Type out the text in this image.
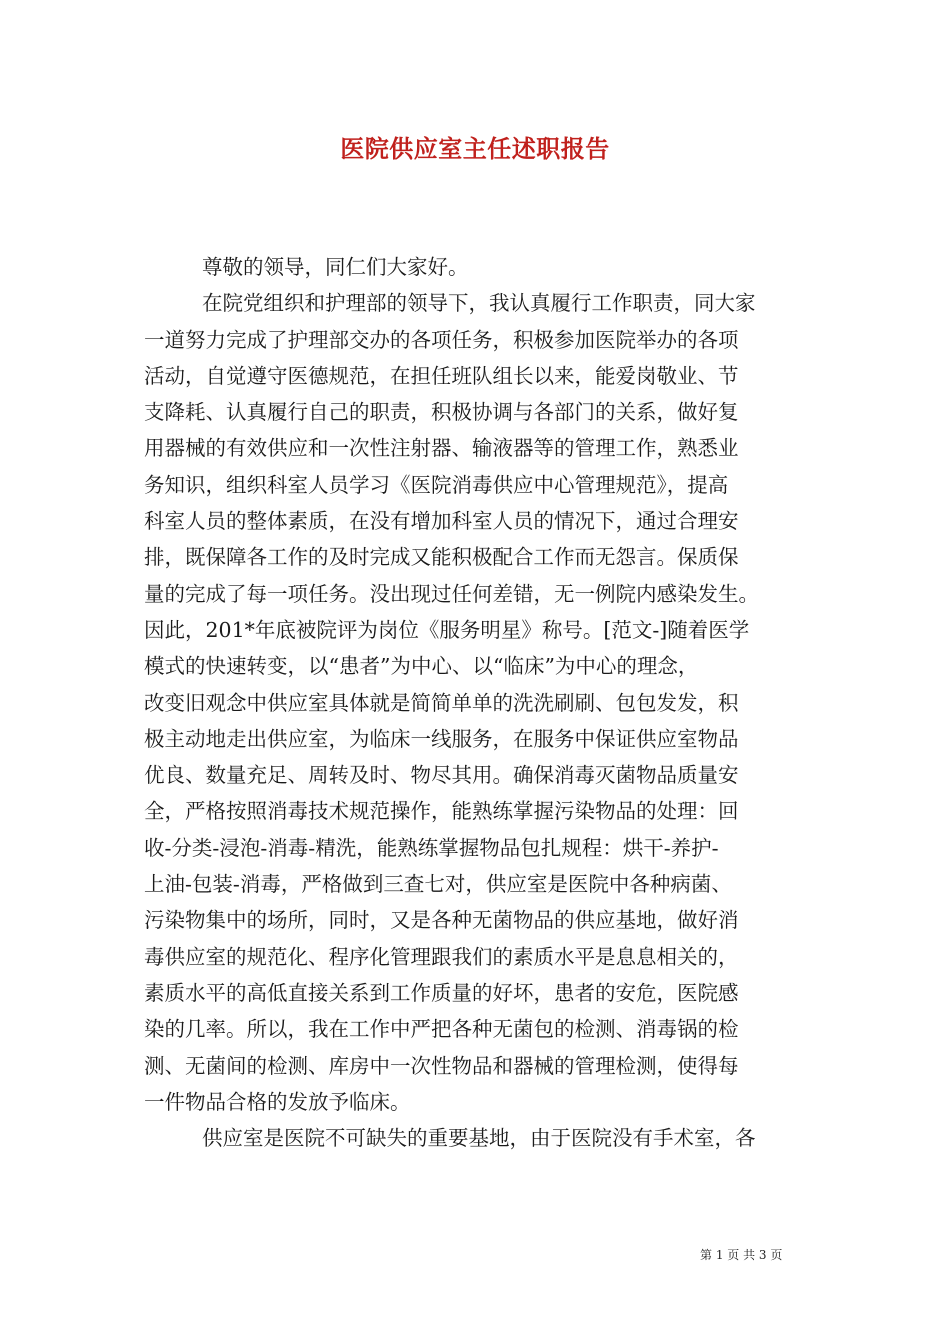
医院供应室主任述职报告
尊敬的领导，同仁们大家好。
在院党组织和护理部的领导下，我认真履行工作职责，同大家
一道努力完成了护理部交办的各项任务，积极参加医院举办的各项
活动，自觉遵守医德规范，在担任班队组长以来，能爱岗敬业、节
支降耗、认真履行自己的职责，积极协调与各部门的关系，做好复
用器械的有效供应和一次性注射器、输液器等的管理工作，熟悉业
务知识，组织科室人员学习《医院消毒供应中心管理规范》，提高
科室人员的整体素质，在没有增加科室人员的情况下，通过合理安
排，既保障各工作的及时完成又能积极配合工作而无怨言。保质保
量的完成了每一项任务。没出现过任何差错，无一例院内感染发生。
因此，201*年底被院评为岗位《服务明星》称号。[范文-]随着医学
模式的快速转变，以“患者”为中心、以“临床”为中心的理念，
改变旧观念中供应室具体就是简简单单的洗洗刷刷、包包发发，积
极主动地走出供应室，为临床一线服务，在服务中保证供应室物品
优良、数量充足、周转及时、物尽其用。确保消毒灭菌物品质量安
全，严格按照消毒技术规范操作，能熟练掌握污染物品的处理：回
收-分类-浸泡-消毒-精洗，能熟练掌握物品包扎规程：烘干-养护-
上油-包装-消毒，严格做到三查七对，供应室是医院中各种病菌、
污染物集中的场所，同时，又是各种无菌物品的供应基地，做好消
毒供应室的规范化、程序化管理跟我们的素质水平是息息相关的，
素质水平的高低直接关系到工作质量的好坏，患者的安危，医院感
染的几率。所以，我在工作中严把各种无菌包的检测、消毒锅的检
测、无菌间的检测、库房中一次性物品和器械的管理检测，使得每
一件物品合格的发放予临床。
供应室是医院不可缺失的重要基地，由于医院没有手术室，各
第 1 页 共 3 页
